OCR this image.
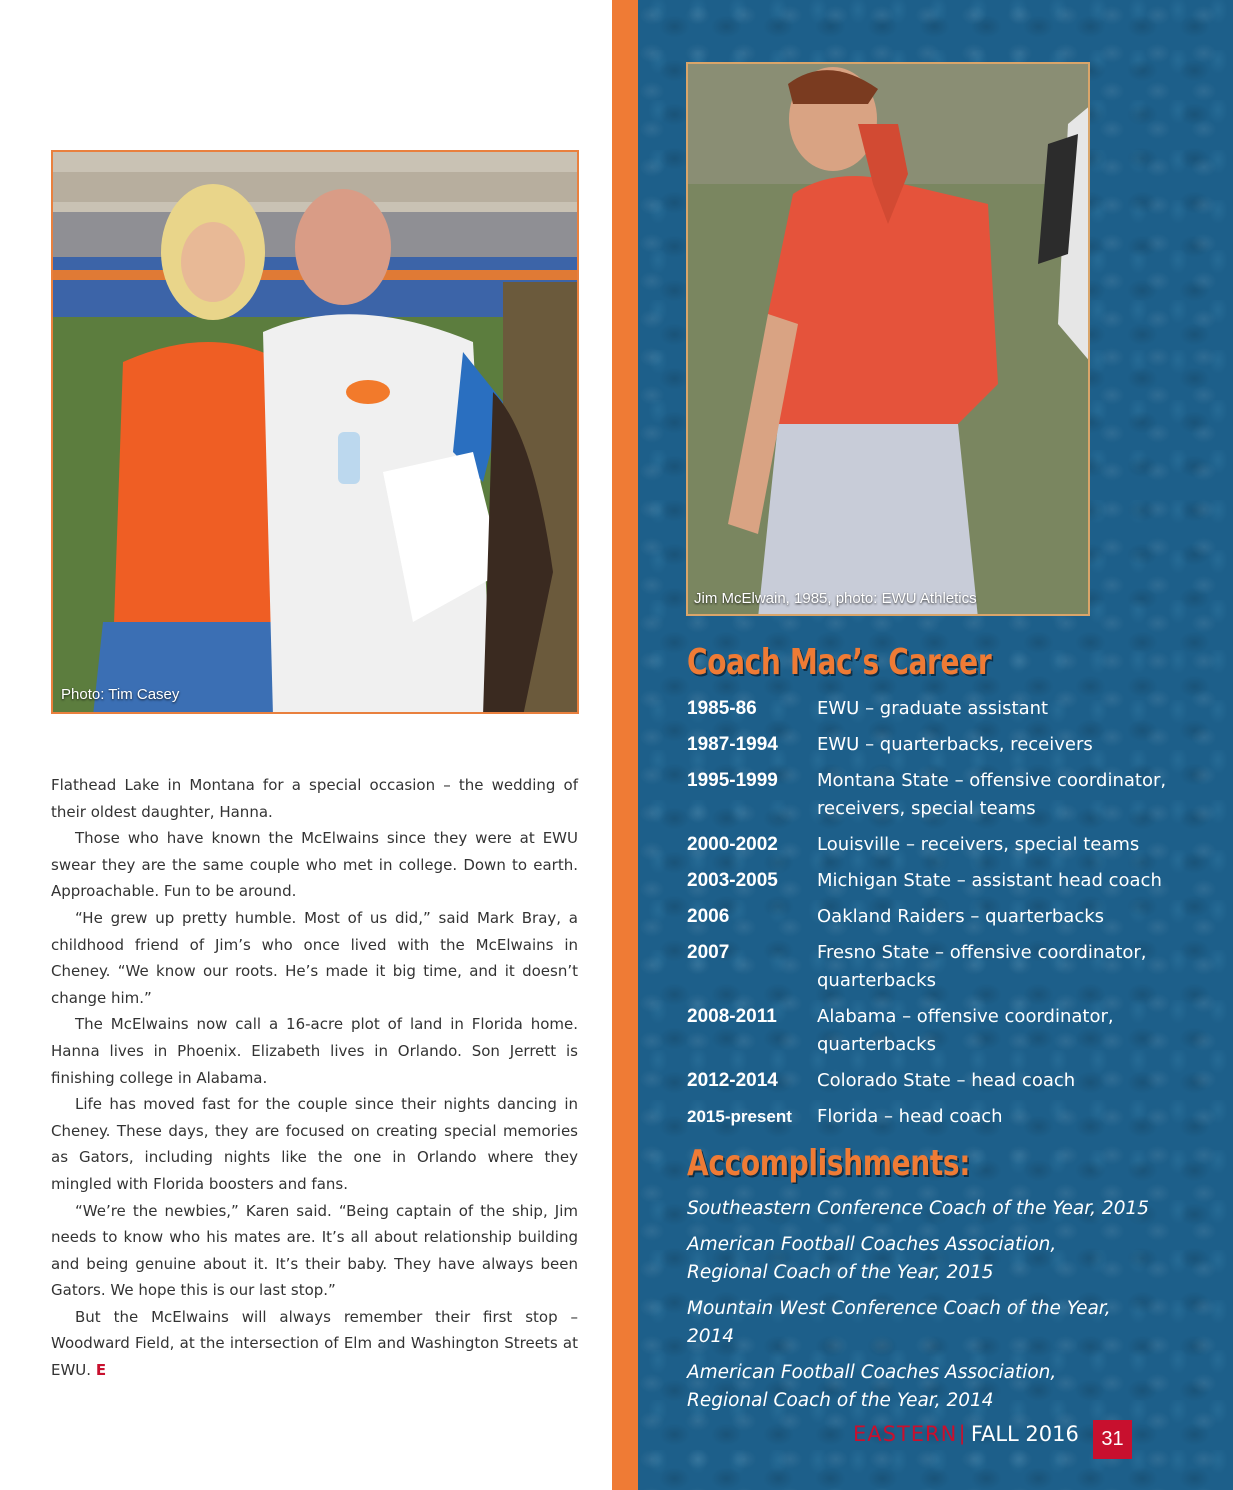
Photo: Tim Casey
Jim McElwain, 1985, photo: EWU Athletics

Flathead Lake in Montana for a special occasion – the wedding of their oldest daughter, Hanna.

Those who have known the McElwains since they were at EWU swear they are the same couple who met in college. Down to earth. Approachable. Fun to be around.

“He grew up pretty humble. Most of us did,” said Mark Bray, a childhood friend of Jim’s who once lived with the McElwains in Cheney. “We know our roots. He’s made it big time, and it doesn’t change him.”

The McElwains now call a 16-acre plot of land in Florida home. Hanna lives in Phoenix. Elizabeth lives in Orlando. Son Jerrett is finishing college in Alabama.

Life has moved fast for the couple since their nights dancing in Cheney. These days, they are focused on creating special memories as Gators, including nights like the one in Orlando where they mingled with Florida boosters and fans.

“We’re the newbies,” Karen said. “Being captain of the ship, Jim needs to know who his mates are. It’s all about relationship building and being genuine about it. It’s their baby. They have always been Gators. We hope this is our last stop.”

But the McElwains will always remember their first stop – Woodward Field, at the intersection of Elm and Washington Streets at EWU. E

Coach Mac’s Career
1985-86	EWU – graduate assistant
1987-1994	EWU – quarterbacks, receivers
1995-1999	Montana State – offensive coordinator, receivers, special teams
2000-2002	Louisville – receivers, special teams
2003-2005	Michigan State – assistant head coach
2006	Oakland Raiders – quarterbacks
2007	Fresno State – offensive coordinator, quarterbacks
2008-2011	Alabama – offensive coordinator, quarterbacks
2012-2014	Colorado State – head coach
2015-present	Florida – head coach
Accomplishments:
Southeastern Conference Coach of the Year, 2015
American Football Coaches Association,
Regional Coach of the Year, 2015
Mountain West Conference Coach of the Year, 2014
American Football Coaches Association,
Regional Coach of the Year, 2014
EASTERN | FALL 2016	31
